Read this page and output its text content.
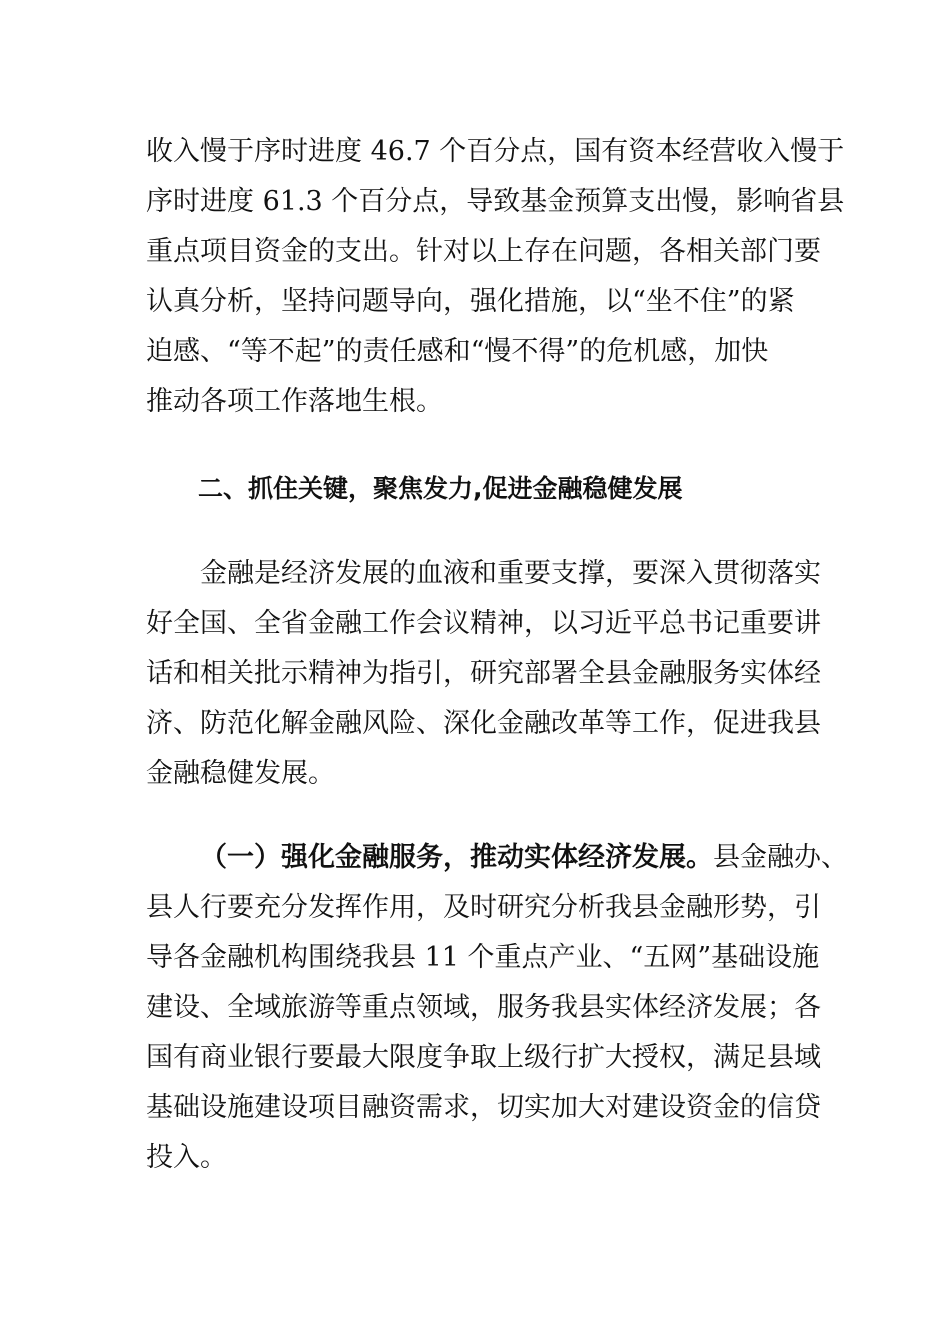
收入慢于序时进度 46.7 个百分点，国有资本经营收入慢于
序时进度 61.3 个百分点，导致基金预算支出慢，影响省县
重点项目资金的支出。针对以上存在问题，各相关部门要
认真分析，坚持问题导向，强化措施，以“坐不住”的紧
迫感、“等不起”的责任感和“慢不得”的危机感，加快
推动各项工作落地生根。
二、抓住关键，聚焦发力,促进金融稳健发展
金融是经济发展的血液和重要支撑，要深入贯彻落实
好全国、全省金融工作会议精神，以习近平总书记重要讲
话和相关批示精神为指引，研究部署全县金融服务实体经
济、防范化解金融风险、深化金融改革等工作，促进我县
金融稳健发展。
（一）强化金融服务，推动实体经济发展。县金融办、
县人行要充分发挥作用，及时研究分析我县金融形势，引
导各金融机构围绕我县 11 个重点产业、“五网”基础设施
建设、全域旅游等重点领域，服务我县实体经济发展；各
国有商业银行要最大限度争取上级行扩大授权，满足县域
基础设施建设项目融资需求，切实加大对建设资金的信贷
投入。
